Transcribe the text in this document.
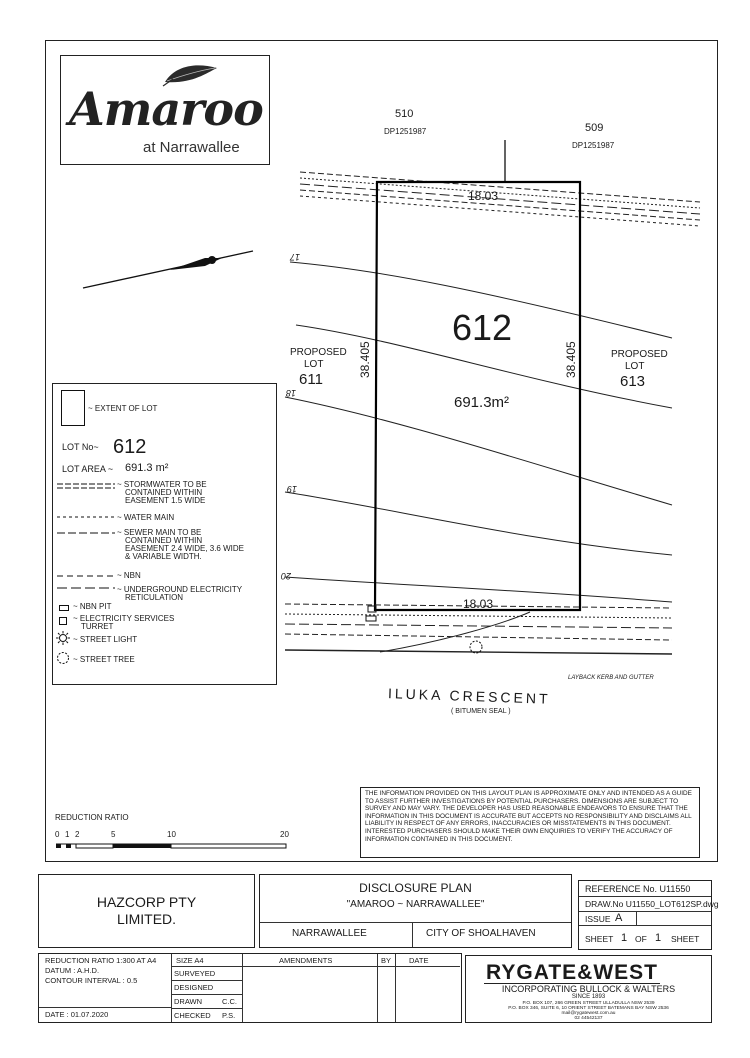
Amaroo
at Narrawallee
510
DP1251987	509
DP1251987
18.03
18.03
38.405	38.405
612
691.3m²
PROPOSED
LOT
611
PROPOSED
LOT
613
17
18
19
20
LAYBACK KERB AND GUTTER
ILUKA CRESCENT
( BITUMEN SEAL )
~ EXTENT OF LOT
LOT No~ 612
LOT AREA ~ 691.3 m²
~ STORMWATER TO BE
CONTAINED WITHIN
EASEMENT 1.5 WIDE
~ WATER MAIN
~ SEWER MAIN TO BE
CONTAINED WITHIN
EASEMENT 2.4 WIDE, 3.6 WIDE
& VARIABLE WIDTH.
~ NBN
~ UNDERGROUND ELECTRICITY
RETICULATION
~ NBN PIT
~ ELECTRICITY SERVICES
TURRET
~ STREET LIGHT
~ STREET TREE
REDUCTION RATIO
0 1 2	5	10	20
THE INFORMATION PROVIDED ON THIS LAYOUT PLAN IS APPROXIMATE ONLY AND INTENDED AS A GUIDE TO ASSIST FURTHER INVESTIGATIONS BY POTENTIAL PURCHASERS. DIMENSIONS ARE SUBJECT TO SURVEY AND MAY VARY. THE DEVELOPER HAS USED REASONABLE ENDEAVORS TO ENSURE THAT THE INFORMATION IN THIS DOCUMENT IS ACCURATE BUT ACCEPTS NO RESPONSIBILITY AND DISCLAIMS ALL LIABILITY IN RESPECT OF ANY ERRORS, INACCURACIES OR MISSTATEMENTS IN THIS DOCUMENT. INTERESTED PURCHASERS SHOULD MAKE THEIR OWN ENQUIRIES TO VERIFY THE ACCURACY OF INFORMATION CONTAINED IN THIS DOCUMENT.
HAZCORP PTY
LIMITED.
DISCLOSURE PLAN
"AMAROO ~ NARRAWALLEE"
NARRAWALLEE	CITY OF SHOALHAVEN
REFERENCE No. U11550
DRAW.No U11550_LOT612SP.dwg
ISSUE A
SHEET 1 OF 1 SHEET
REDUCTION RATIO 1:300 AT A4
DATUM : A.H.D.
CONTOUR INTERVAL : 0.5
DATE : 01.07.2020
SIZE A4
SURVEYED
DESIGNED
DRAWN	C.C.
CHECKED P.S.
AMENDMENTS	BY DATE
RYGATE&WEST
INCORPORATING BULLOCK & WALTERS
SINCE 1893
P.O. BOX 107, 266 GREEN STREET ULLADULLA NSW 2539
P.O. BOX 346, SUITE 6, 10 ORIENT STREET BATEMANS BAY NSW 2536
mail@rygatewest.com.au
02 44542137
